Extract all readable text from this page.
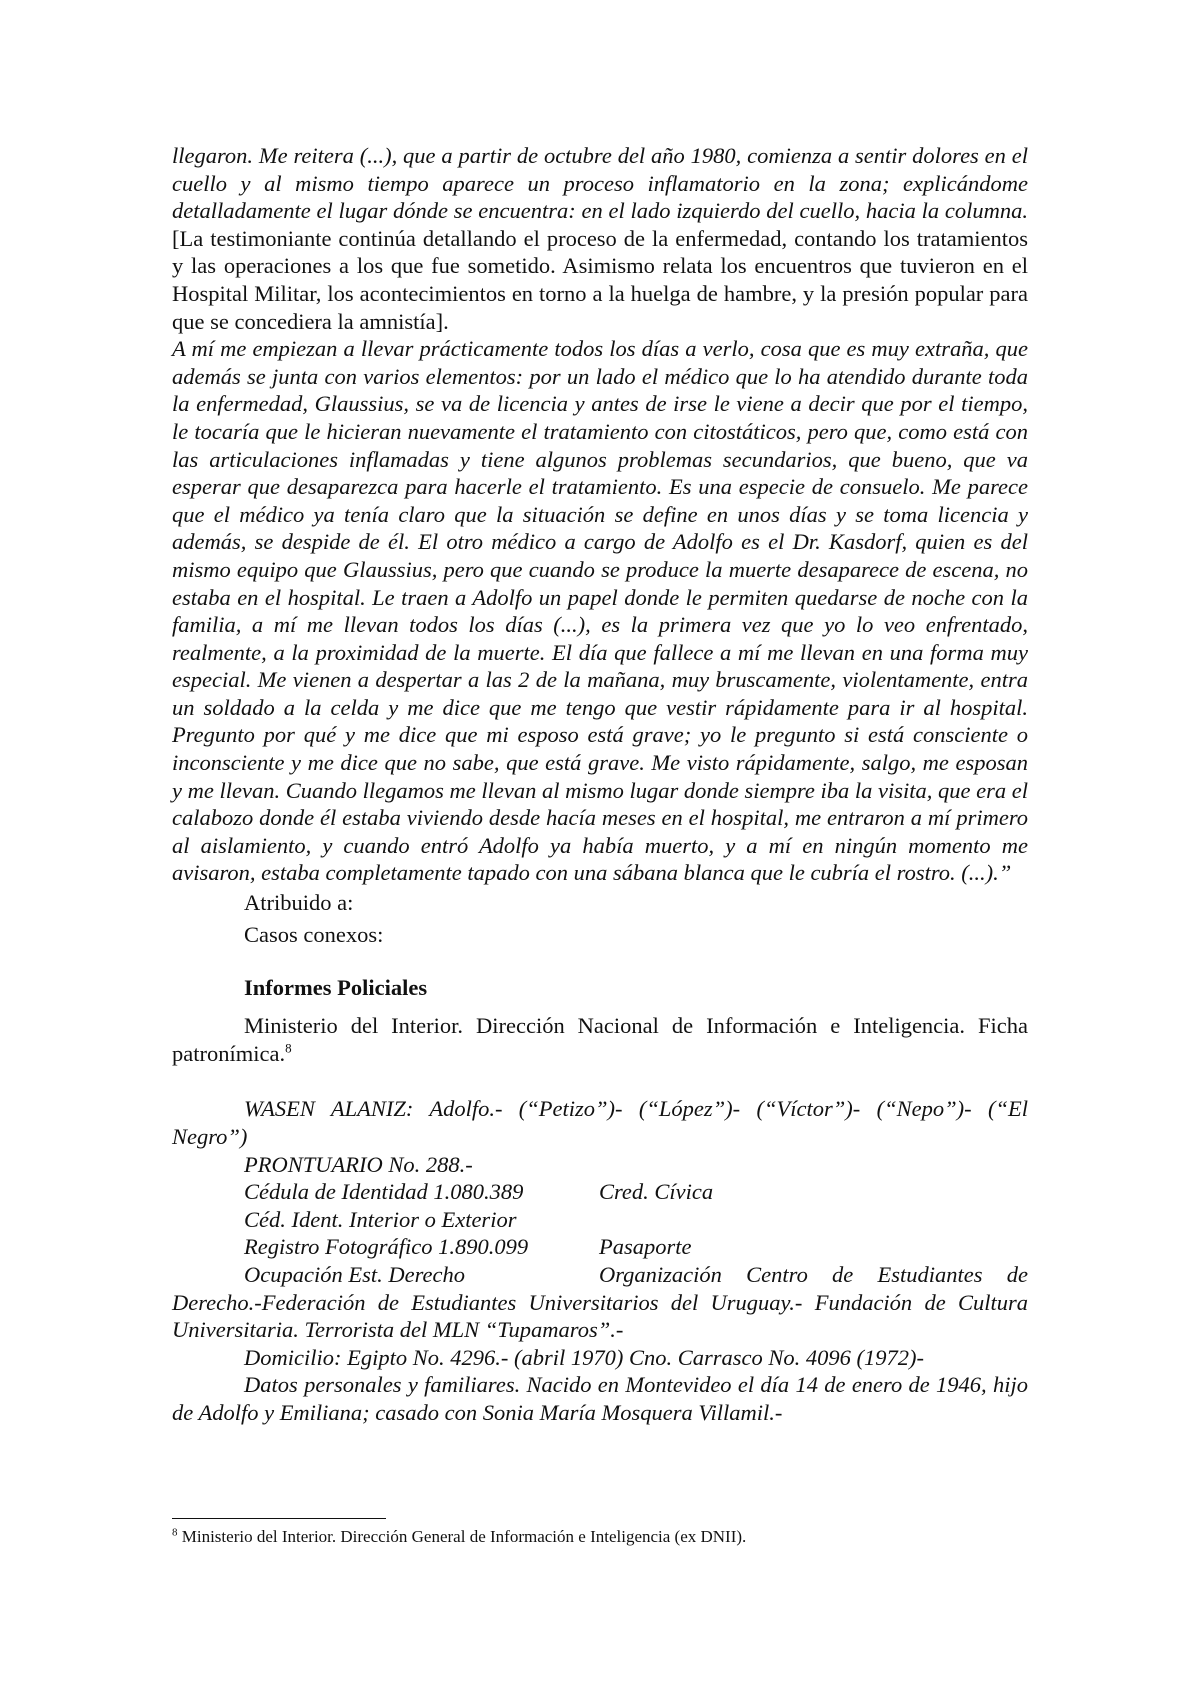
llegaron. Me reitera (...), que a partir de octubre del año 1980, comienza a sentir dolores en el cuello y al mismo tiempo aparece un proceso inflamatorio en la zona; explicándome detalladamente el lugar dónde se encuentra: en el lado izquierdo del cuello, hacia la columna. [La testimoniante continúa detallando el proceso de la enfermedad, contando los tratamientos y las operaciones a los que fue sometido. Asimismo relata los encuentros que tuvieron en el Hospital Militar, los acontecimientos en torno a la huelga de hambre, y la presión popular para que se concediera la amnistía].
A mí me empiezan a llevar prácticamente todos los días a verlo, cosa que es muy extraña, que además se junta con varios elementos: por un lado el médico que lo ha atendido durante toda la enfermedad, Glaussius, se va de licencia y antes de irse le viene a decir que por el tiempo, le tocaría que le hicieran nuevamente el tratamiento con citostáticos, pero que, como está con las articulaciones inflamadas y tiene algunos problemas secundarios, que bueno, que va esperar que desaparezca para hacerle el tratamiento. Es una especie de consuelo. Me parece que el médico ya tenía claro que la situación se define en unos días y se toma licencia y además, se despide de él. El otro médico a cargo de Adolfo es el Dr. Kasdorf, quien es del mismo equipo que Glaussius, pero que cuando se produce la muerte desaparece de escena, no estaba en el hospital. Le traen a Adolfo un papel donde le permiten quedarse de noche con la familia, a mí me llevan todos los días (...), es la primera vez que yo lo veo enfrentado, realmente, a la proximidad de la muerte. El día que fallece a mí me llevan en una forma muy especial. Me vienen a despertar a las 2 de la mañana, muy bruscamente, violentamente, entra un soldado a la celda y me dice que me tengo que vestir rápidamente para ir al hospital. Pregunto por qué y me dice que mi esposo está grave; yo le pregunto si está consciente o inconsciente y me dice que no sabe, que está grave. Me visto rápidamente, salgo, me esposan y me llevan. Cuando llegamos me llevan al mismo lugar donde siempre iba la visita, que era el calabozo donde él estaba viviendo desde hacía meses en el hospital, me entraron a mí primero al aislamiento, y cuando entró Adolfo ya había muerto, y a mí en ningún momento me avisaron, estaba completamente tapado con una sábana blanca que le cubría el rostro. (...).”

Atribuido a:

Casos conexos:

Informes Policiales

Ministerio del Interior. Dirección Nacional de Información e Inteligencia. Ficha patronímica.$^8$

WASEN ALANIZ: Adolfo.- (“Petizo”)- (“López”)- (“Víctor”)- (“Nepo”)- (“El Negro”)

PRONTUARIO No. 288.-

Cédula de Identidad 1.080.389	Cred. Cívica

Céd. Ident. Interior o Exterior

Registro Fotográfico 1.890.099	Pasaporte

Ocupación Est. Derecho	Organización Centro de Estudiantes de Derecho.-Federación de Estudiantes Universitarios del Uruguay.- Fundación de Cultura Universitaria. Terrorista del MLN “Tupamaros”.-

Domicilio: Egipto No. 4296.- (abril 1970) Cno. Carrasco No. 4096 (1972)-

Datos personales y familiares. Nacido en Montevideo el día 14 de enero de 1946, hijo de Adolfo y Emiliana; casado con Sonia María Mosquera Villamil.-

$^8$ Ministerio del Interior. Dirección General de Información e Inteligencia (ex DNII).
